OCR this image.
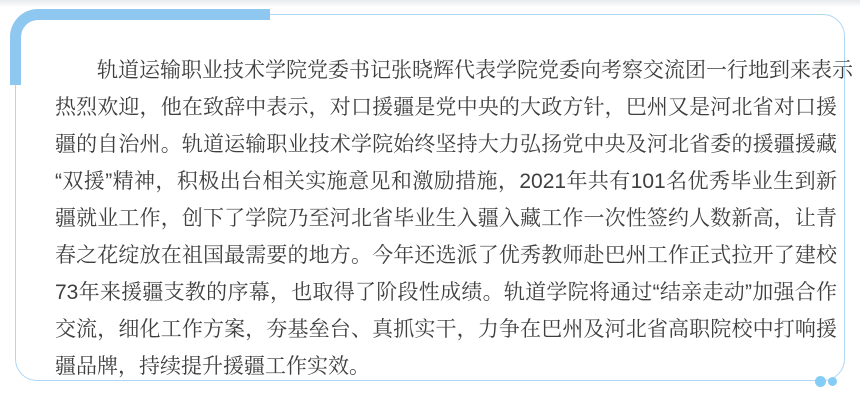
轨道运输职业技术学院党委书记张晓辉代表学院党委向考察交流团一行地到来表示
热烈欢迎，他在致辞中表示，对口援疆是党中央的大政方针，巴州又是河北省对口援
疆的自治州。轨道运输职业技术学院始终坚持大力弘扬党中央及河北省委的援疆援藏
“双援”精神，积极出台相关实施意见和激励措施，2021年共有101名优秀毕业生到新
疆就业工作，创下了学院乃至河北省毕业生入疆入藏工作一次性签约人数新高，让青
春之花绽放在祖国最需要的地方。今年还选派了优秀教师赴巴州工作正式拉开了建校
73年来援疆支教的序幕，也取得了阶段性成绩。轨道学院将通过“结亲走动”加强合作
交流，细化工作方案，夯基垒台、真抓实干，力争在巴州及河北省高职院校中打响援
疆品牌，持续提升援疆工作实效。
